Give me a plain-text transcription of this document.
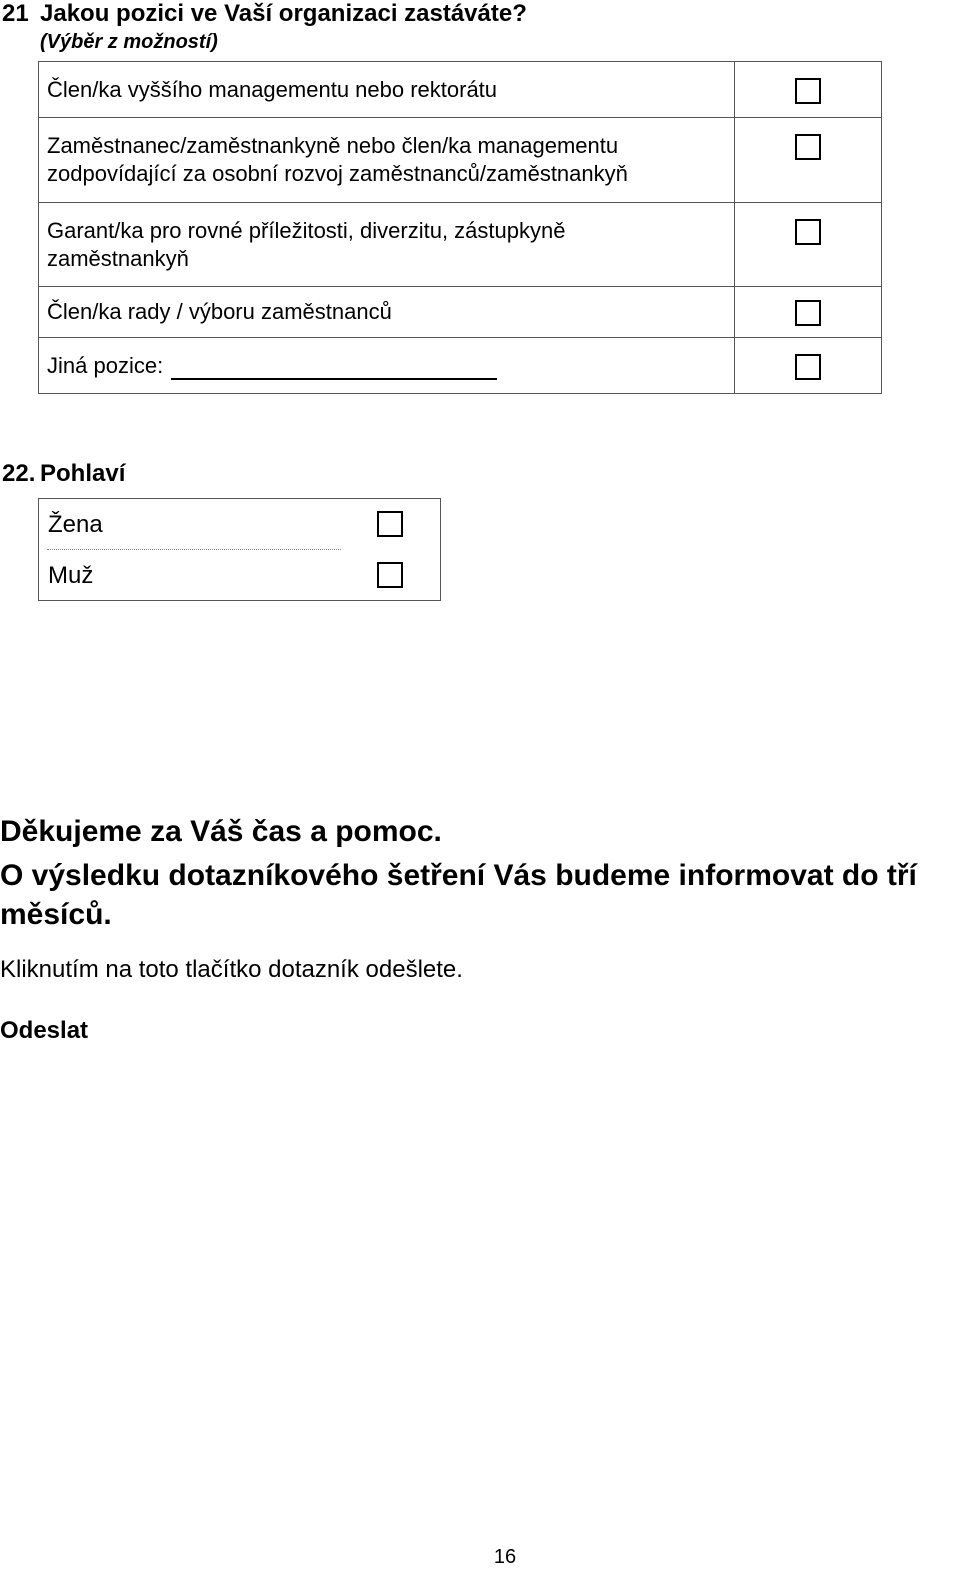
21 Jakou pozici ve Vaší organizaci zastáváte?
(Výběr z možností)
Člen/ka vyššího managementu nebo rektorátu	
Zaměstnanec/zaměstnankyně nebo člen/ka managementu zodpovídající za osobní rozvoj zaměstnanců/zaměstnankyň	
Garant/ka pro rovné příležitosti, diverzitu, zástupkyně zaměstnankyň	
Člen/ka rady / výboru zaměstnanců	
Jiná pozice:	
22. Pohlaví
Žena
Muž

Děkujeme za Váš čas a pomoc.

O výsledku dotazníkového šetření Vás budeme informovat do tří měsíců.

Kliknutím na toto tlačítko dotazník odešlete.
Odeslat
16
